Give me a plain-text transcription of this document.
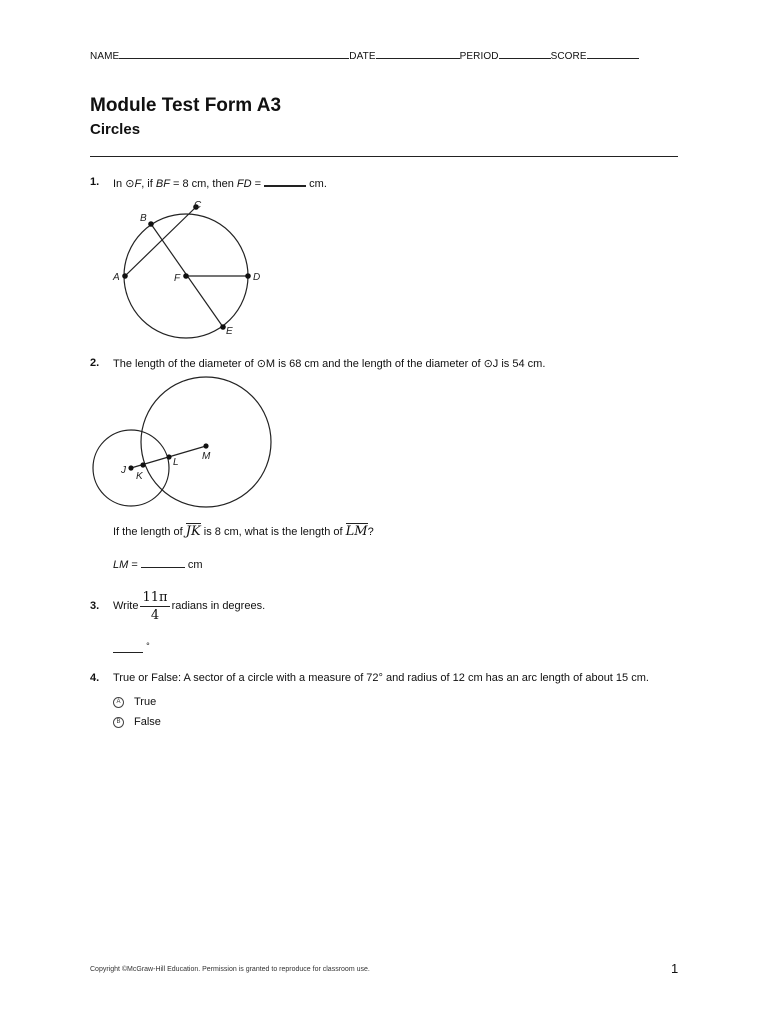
NAME	DATE	PERIOD	SCORE
Module Test Form A3
Circles
1. In ⊙F, if BF = 8 cm, then FD =	cm.
A
B
C
D
E
F
2. The length of the diameter of ⊙M is 68 cm and the length of the diameter of ⊙J is 54 cm.
J
K
L
M
If the length of JK is 8 cm, what is the length of LM?
LM =	cm
3. Write $\frac{11\pi}{4}$ radians in degrees.
°
4. True or False: A sector of a circle with a measure of 72° and radius of 12 cm has an arc length of about 15 cm.
A True
B False
Copyright ©McGraw-Hill Education. Permission is granted to reproduce for classroom use.	1
